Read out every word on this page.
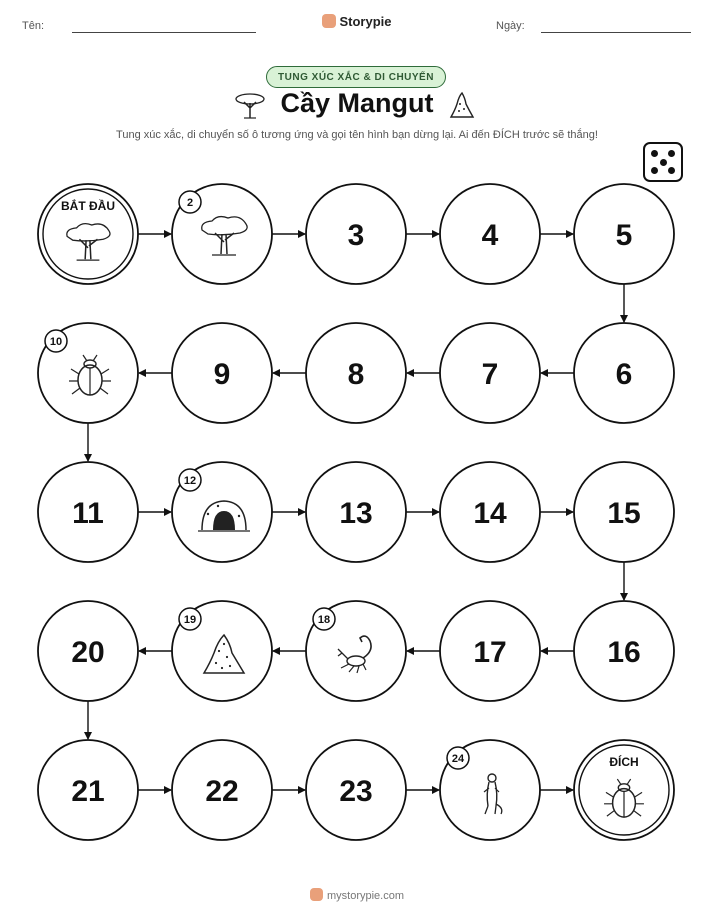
Tên:	Storypie	Ngày:
TUNG XÚC XẮC & DI CHUYỂN
Cầy Mangut
Tung xúc xắc, di chuyển số ô tương ứng và gọi tên hình bạn dừng lại. Ai đến ĐÍCH trước sẽ thắng!
BẮT ĐẦU	2
3	4	5
6
7
8
9
10
11
12
13	14	15
16
17
18
19
20
21	22	23
24	ĐÍCH
mystorypie.com
